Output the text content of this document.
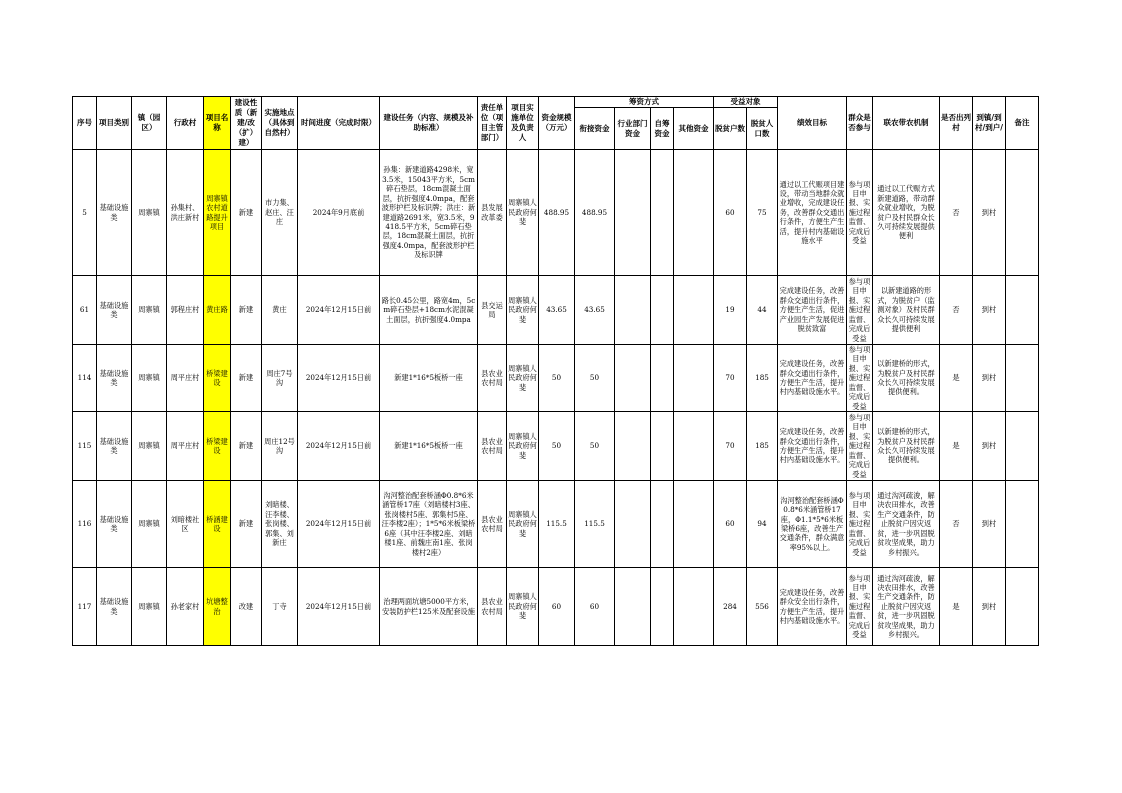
序号	项目类别	镇（园区）	行政村	项目名称	建设性质（新建/改（扩）建）	实施地点（具体到自然村）	时间进度（完成时限）	建设任务（内容、规模及补助标准）	责任单位（项目主管部门）	项目实施单位及负责人	资金规模（万元）	筹资方式				受益对象		绩效目标	群众是否参与	联农带农机制	是否出列村	到镇/到村/到户/	备注
												衔接资金	行业部门资金	自筹资金	其他资金	脱贫户数	脱贫人口数						
5	基础设施类	周寨镇	孙集村、洪庄新村	周寨镇农村道路提升项目	新建	市力集、赵庄、汪庄	2024年9月底前	孙集：新建道路4298米，宽3.5米，15043平方米，5cm碎石垫层，18cm混凝土面层，抗折强度4.0mpa，配套波形护栏及标识牌；洪庄：新建道路2691米，宽3.5米，9418.5平方米，5cm碎石垫层，18cm混凝土面层，抗折强度4.0mpa，配套波形护栏及标识牌	县发展改革委	周寨镇人民政府何斐	488.95	488.95				60	75	通过以工代赈项目建设，带动当地群众就业增收，完成建设任务，改善群众交通出行条件，方便生产生活，提升村内基础设施水平	参与项目申报、实施过程监督、完成后受益	通过以工代赈方式新建道路，带动群众就业增收，为脱贫户及村民群众长久可持续发展提供便利	否	到村	
61	基础设施类	周寨镇	郭程庄村	黄庄路	新建	黄庄	2024年12月15日前	路长0.45公里，路宽4m，5cm碎石垫层+18cm水泥混凝土面层，抗折强度4.0mpa	县交运局	周寨镇人民政府何斐	43.65	43.65				19	44	完成建设任务，改善群众交通出行条件，方便生产生活，促进产业园生产发展促进脱贫致富	参与项目申报、实施过程监督、完成后受益	以新建道路的形式，为脱贫户（监测对象）及村民群众长久可持续发展提供便利	否	到村	
114	基础设施类	周寨镇	周平庄村	桥梁建设	新建	周庄7号沟	2024年12月15日前	新建1*16*5板桥一座	县农业农村局	周寨镇人民政府何斐	50	50				70	185	完成建设任务，改善群众交通出行条件，方便生产生活，提升村内基础设施水平。	参与项目申报、实施过程监督、完成后受益	以新建桥的形式，为脱贫户及村民群众长久可持续发展提供便利。	是	到村	
115	基础设施类	周寨镇	周平庄村	桥梁建设	新建	周庄12号沟	2024年12月15日前	新建1*16*5板桥一座	县农业农村局	周寨镇人民政府何斐	50	50				70	185	完成建设任务，改善群众交通出行条件，方便生产生活，提升村内基础设施水平。	参与项目申报、实施过程监督、完成后受益	以新建桥的形式，为脱贫户及村民群众长久可持续发展提供便利。	是	到村	
116	基础设施类	周寨镇	刘暗楼社区	桥涵建设	新建	刘暗楼、汪李楼、张岗楼、郭集、刘新庄	2024年12月15日前	沟河整治配套桥涵Φ0.8*6米涵管桥17座（刘暗楼村3座、张岗楼村5座、郭集村5座、汪李楼2座）；1*5*6米板梁桥6座（其中汪李楼2座、刘暗楼1座、前魏庄南1座、张岗楼村2座）	县农业农村局	周寨镇人民政府何斐	115.5	115.5				60	94	沟河整治配套桥涵Φ0.8*6米涵管桥17座，Φ1.1*5*6米板梁桥6座，改善生产交通条件，群众满意率95%以上。	参与项目申报、实施过程监督、完成后受益	通过沟河疏浚，解决农田排水，改善生产交通条件，防止脱贫户因灾返贫，进一步巩固脱贫攻坚成果，助力乡村振兴。	否	到村	
117	基础设施类	周寨镇	孙老家村	坑塘整治	改建	丁寺	2024年12月15日前	治理两面坑塘5000平方米，安装防护栏125米及配套设施	县农业农村局	周寨镇人民政府何斐	60	60				284	556	完成建设任务，改善群众安全出行条件，方便生产生活，提升村内基础设施水平。	参与项目申报、实施过程监督、完成后受益	通过沟河疏浚，解决农田排水，改善生产交通条件，防止脱贫户因灾返贫，进一步巩固脱贫攻坚成果，助力乡村振兴。	是	到村	
